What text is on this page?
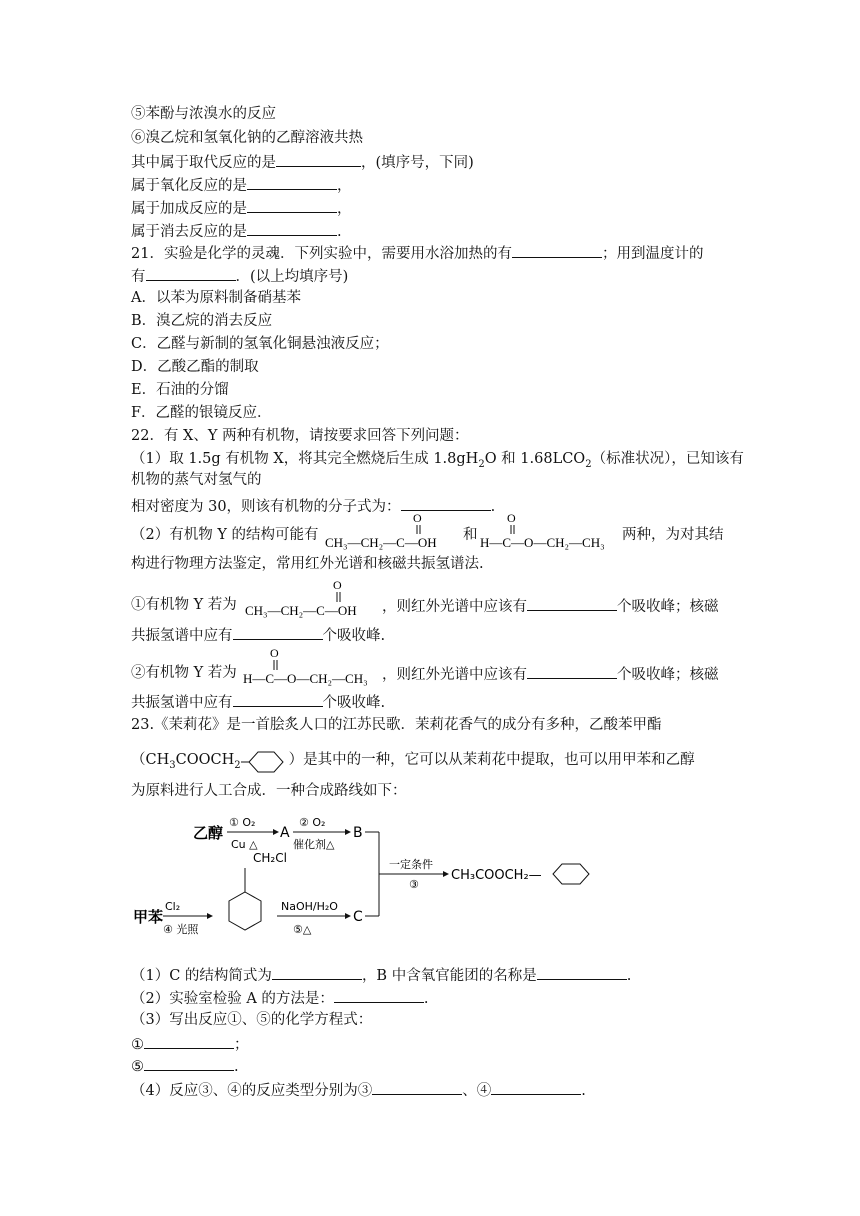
⑤苯酚与浓溴水的反应
⑥溴乙烷和氢氧化钠的乙醇溶液共热
其中属于取代反应的是	，(填序号，下同)
属于氧化反应的是	，
属于加成反应的是	，
属于消去反应的是	.
21．实验是化学的灵魂．下列实验中，需要用水浴加热的有	；用到温度计的
有	．(以上均填序号)
A．以苯为原料制备硝基苯
B．溴乙烷的消去反应
C．乙醛与新制的氢氧化铜悬浊液反应；
D．乙酸乙酯的制取
E．石油的分馏
F．乙醛的银镜反应．
22．有 X、Y 两种有机物，请按要求回答下列问题：
（1）取 1.5g 有机物 X，将其完全燃烧后生成 $1.8gH_2O$ 和 $1.68LCO_2$（标准状况），已知该有
机物的蒸气对氢气的
相对密度为 30，则该有机物的分子式为：	.
（2）有机物 Y 的结构可能有
O
CH₃—CH₂—C—OH 和
O
H—C—O—CH₂—CH₃ 两种，为对其结
构进行物理方法鉴定，常用红外光谱和核磁共振氢谱法.
①有机物 Y 若为
O
CH₃—CH₂—C—OH ，则红外光谱中应该有	个吸收峰；核磁
共振氢谱中应有	个吸收峰.
②有机物 Y 若为
O
H—C—O—CH₂—CH₃ ，则红外光谱中应该有	个吸收峰；核磁
共振氢谱中应有	个吸收峰.
23.《茉莉花》是一首脍炙人口的江苏民歌．茉莉花香气的成分有多种，乙酸苯甲酯
（$CH_3COOCH_2$	）是其中的一种，它可以从茉莉花中提取，也可以用甲苯和乙醇
为原料进行人工合成．一种合成路线如下：
乙醇
① O₂
Cu △
A
② O₂
催化剂△
B
一定条件
③
CH₃COOCH₂—
甲苯
Cl₂
④ 光照
CH₂Cl
NaOH/H₂O
⑤△
C
（1）C 的结构简式为	，B 中含氧官能团的名称是	.
（2）实验室检验 A 的方法是：	.
（3）写出反应①、⑤的化学方程式：
①	；
⑤	.
（4）反应③、④的反应类型分别为③	、④	.
